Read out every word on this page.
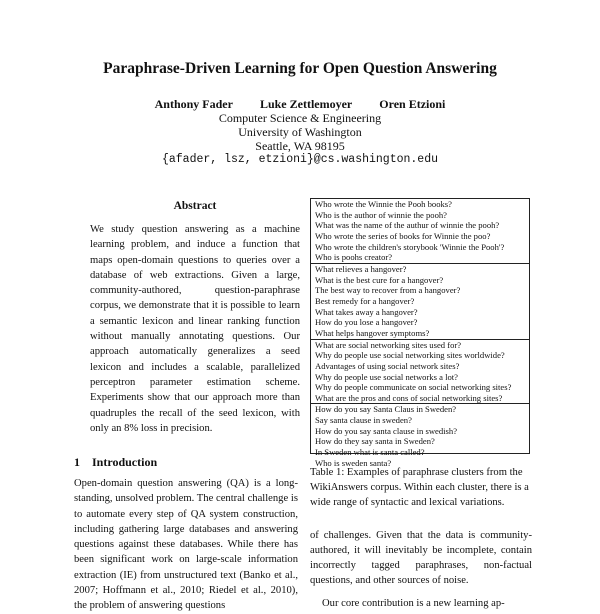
Paraphrase-Driven Learning for Open Question Answering
Anthony Fader Luke Zettlemoyer Oren Etzioni
Computer Science & Engineering
University of Washington
Seattle, WA 98195
{afader, lsz, etzioni}@cs.washington.edu
Abstract
We study question answering as a machine learning problem, and induce a function that maps open-domain questions to queries over a database of web extractions. Given a large, community-authored, question-paraphrase corpus, we demonstrate that it is possible to learn a semantic lexicon and linear ranking function without manually annotating questions. Our approach automatically generalizes a seed lexicon and includes a scalable, parallelized perceptron parameter estimation scheme. Experiments show that our approach more than quadruples the recall of the seed lexicon, with only an 8% loss in precision.
1 Introduction
Open-domain question answering (QA) is a long-standing, unsolved problem. The central challenge is to automate every step of QA system construction, including gathering large databases and answering questions against these databases. While there has been significant work on large-scale information extraction (IE) from unstructured text (Banko et al., 2007; Hoffmann et al., 2010; Riedel et al., 2010), the problem of answering questions
Who wrote the Winnie the Pooh books?
Who is the author of winnie the pooh?
What was the name of the authur of winnie the pooh?
Who wrote the series of books for Winnie the poo?
Who wrote the children's storybook 'Winnie the Pooh'?
Who is poohs creator?
What relieves a hangover?
What is the best cure for a hangover?
The best way to recover from a hangover?
Best remedy for a hangover?
What takes away a hangover?
How do you lose a hangover?
What helps hangover symptoms?
What are social networking sites used for?
Why do people use social networking sites worldwide?
Advantages of using social network sites?
Why do people use social networks a lot?
Why do people communicate on social networking sites?
What are the pros and cons of social networking sites?
How do you say Santa Claus in Sweden?
Say santa clause in sweden?
How do you say santa clause in swedish?
How do they say santa in Sweden?
In Sweden what is santa called?
Who is sweden santa?
Table 1: Examples of paraphrase clusters from the WikiAnswers corpus. Within each cluster, there is a wide range of syntactic and lexical variations.

of challenges. Given that the data is community-authored, it will inevitably be incomplete, contain incorrectly tagged paraphrases, non-factual questions, and other sources of noise.

Our core contribution is a new learning ap-
